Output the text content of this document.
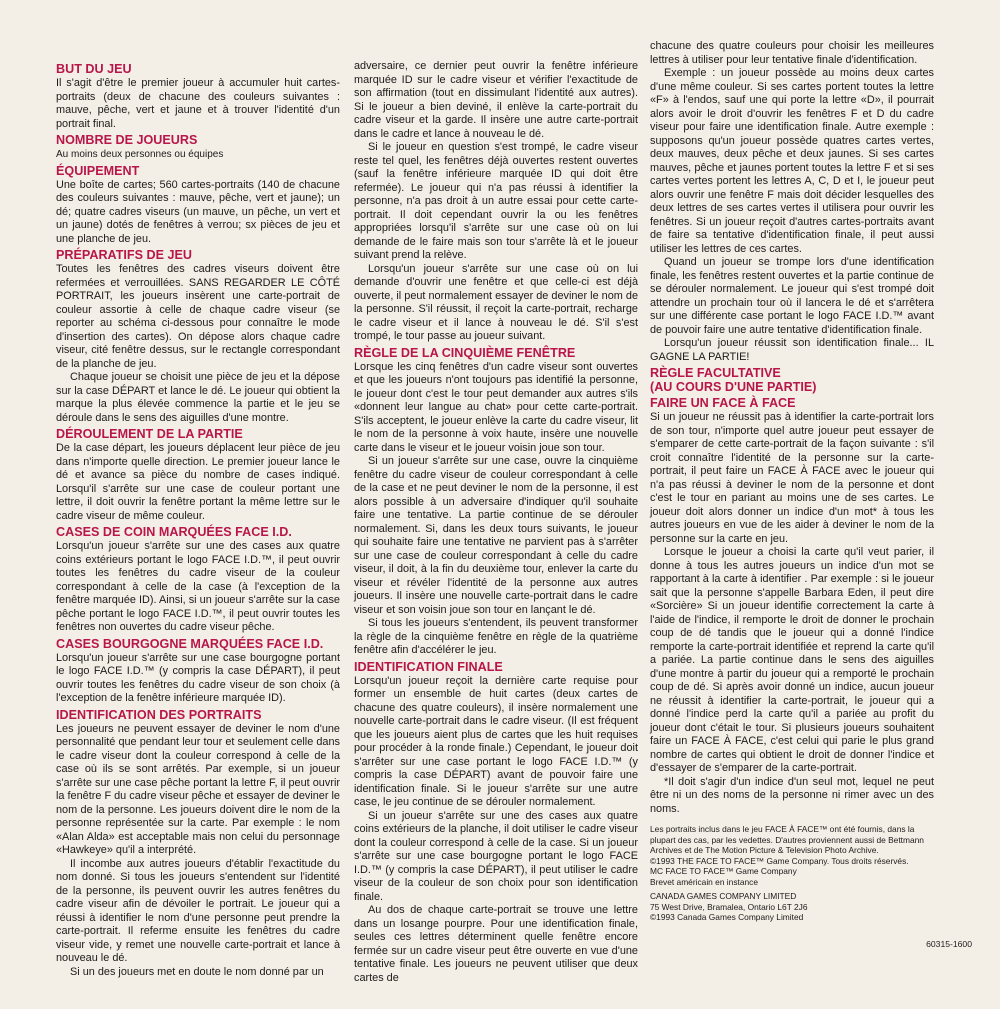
BUT DU JEU

Il s'agit d'être le premier joueur à accumuler huit cartes-portraits (deux de chacune des couleurs suivantes : mauve, pêche, vert et jaune et à trouver l'identité d'un portrait final.

NOMBRE DE JOUEURS

Au moins deux personnes ou équipes

ÉQUIPEMENT

Une boîte de cartes; 560 cartes-portraits (140 de chacune des couleurs suivantes : mauve, pêche, vert et jaune); un dé; quatre cadres viseurs (un mauve, un pêche, un vert et un jaune) dotés de fenêtres à verrou; sx pièces de jeu et une planche de jeu.

PRÉPARATIFS DE JEU

Toutes les fenêtres des cadres viseurs doivent être refermées et verrouillées. SANS REGARDER LE CÔTÉ PORTRAIT, les joueurs insèrent une carte-portrait de couleur assortie à celle de chaque cadre viseur (se reporter au schéma ci-dessous pour connaître le mode d'insertion des cartes). On dépose alors chaque cadre viseur, cité fenêtre dessus, sur le rectangle correspondant de la planche de jeu.

Chaque joueur se choisit une pièce de jeu et la dépose sur la case DÉPART et lance le dé. Le joueur qui obtient la marque la plus élevée commence la partie et le jeu se déroule dans le sens des aiguilles d'une montre.

DÉROULEMENT DE LA PARTIE

De la case départ, les joueurs déplacent leur pièce de jeu dans n'importe quelle direction. Le premier joueur lance le dé et avance sa pièce du nombre de cases indiqué. Lorsqu'il s'arrête sur une case de couleur portant une lettre, il doit ouvrir la fenêtre portant la même lettre sur le cadre viseur de même couleur.

CASES DE COIN MARQUÉES FACE I.D.

Lorsqu'un joueur s'arrête sur une des cases aux quatre coins extérieurs portant le logo FACE I.D.™, il peut ouvrir toutes les fenêtres du cadre viseur de la couleur correspondant à celle de la case (à l'exception de la fenêtre marquée ID). Ainsi, si un joueur s'arrête sur la case pêche portant le logo FACE I.D.™, il peut ouvrir toutes les fenêtres non ouvertes du cadre viseur pêche.

CASES BOURGOGNE MARQUÉES FACE I.D.

Lorsqu'un joueur s'arrête sur une case bourgogne portant le logo FACE I.D.™ (y compris la case DÉPART), il peut ouvrir toutes les fenêtres du cadre viseur de son choix (à l'exception de la fenêtre inférieure marquée ID).

IDENTIFICATION DES PORTRAITS

Les joueurs ne peuvent essayer de deviner le nom d'une personnalité que pendant leur tour et seulement celle dans le cadre viseur dont la couleur correspond à celle de la case où ils se sont arrêtés. Par exemple, si un joueur s'arrête sur une case pêche portant la lettre F, il peut ouvrir la fenêtre F du cadre viseur pêche et essayer de deviner le nom de la personne. Les joueurs doivent dire le nom de la personne représentée sur la carte. Par exemple : le nom «Alan Alda» est acceptable mais non celui du personnage «Hawkeye» qu'il a interprété.

Il incombe aux autres joueurs d'établir l'exactitude du nom donné. Si tous les joueurs s'entendent sur l'identité de la personne, ils peuvent ouvrir les autres fenêtres du cadre viseur afin de dévoiler le portrait. Le joueur qui a réussi à identifier le nom d'une personne peut prendre la carte-portrait. Il referme ensuite les fenêtres du cadre viseur vide, y remet une nouvelle carte-portrait et lance à nouveau le dé.

Si un des joueurs met en doute le nom donné par un

adversaire, ce dernier peut ouvrir la fenêtre inférieure marquée ID sur le cadre viseur et vérifier l'exactitude de son affirmation (tout en dissimulant l'identité aux autres). Si le joueur a bien deviné, il enlève la carte-portrait du cadre viseur et la garde. Il insère une autre carte-portrait dans le cadre et lance à nouveau le dé.

Si le joueur en question s'est trompé, le cadre viseur reste tel quel, les fenêtres déjà ouvertes restent ouvertes (sauf la fenêtre inférieure marquée ID qui doit être refermée). Le joueur qui n'a pas réussi à identifier la personne, n'a pas droit à un autre essai pour cette carte-portrait. Il doit cependant ouvrir la ou les fenêtres appropriées lorsqu'il s'arrête sur une case où on lui demande de le faire mais son tour s'arrête là et le joueur suivant prend la relève.

Lorsqu'un joueur s'arrête sur une case où on lui demande d'ouvrir une fenêtre et que celle-ci est déjà ouverte, il peut normalement essayer de deviner le nom de la personne. S'il réussit, il reçoit la carte-portrait, recharge le cadre viseur et il lance à nouveau le dé. S'il s'est trompé, le tour passe au joueur suivant.

RÈGLE DE LA CINQUIÈME FENÊTRE

Lorsque les cinq fenêtres d'un cadre viseur sont ouvertes et que les joueurs n'ont toujours pas identifié la personne, le joueur dont c'est le tour peut demander aux autres s'ils «donnent leur langue au chat» pour cette carte-portrait. S'ils acceptent, le joueur enlève la carte du cadre viseur, lit le nom de la personne à voix haute, insère une nouvelle carte dans le viseur et le joueur voisin joue son tour.

Si un joueur s'arrête sur une case, ouvre la cinquième fenêtre du cadre viseur de couleur correspondant à celle de la case et ne peut deviner le nom de la personne, il est alors possible à un adversaire d'indiquer qu'il souhaite faire une tentative. La partie continue de se dérouler normalement. Si, dans les deux tours suivants, le joueur qui souhaite faire une tentative ne parvient pas à s'arrêter sur une case de couleur correspondant à celle du cadre viseur, il doit, à la fin du deuxième tour, enlever la carte du viseur et révéler l'identité de la personne aux autres joueurs. Il insère une nouvelle carte-portrait dans le cadre viseur et son voisin joue son tour en lançant le dé.

Si tous les joueurs s'entendent, ils peuvent transformer la règle de la cinquième fenêtre en règle de la quatrième fenêtre afin d'accélérer le jeu.

IDENTIFICATION FINALE

Lorsqu'un joueur reçoit la dernière carte requise pour former un ensemble de huit cartes (deux cartes de chacune des quatre couleurs), il insère normalement une nouvelle carte-portrait dans le cadre viseur. (Il est fréquent que les joueurs aient plus de cartes que les huit requises pour procéder à la ronde finale.) Cependant, le joueur doit s'arrêter sur une case portant le logo FACE I.D.™ (y compris la case DÉPART) avant de pouvoir faire une identification finale. Si le joueur s'arrête sur une autre case, le jeu continue de se dérouler normalement.

Si un joueur s'arrête sur une des cases aux quatre coins extérieurs de la planche, il doit utiliser le cadre viseur dont la couleur correspond à celle de la case. Si un joueur s'arrête sur une case bourgogne portant le logo FACE I.D.™ (y compris la case DÉPART), il peut utiliser le cadre viseur de la couleur de son choix pour son identification finale.

Au dos de chaque carte-portrait se trouve une lettre dans un losange pourpre. Pour une identification finale, seules ces lettres déterminent quelle fenêtre encore fermée sur un cadre viseur peut être ouverte en vue d'une tentative finale. Les joueurs ne peuvent utiliser que deux cartes de

chacune des quatre couleurs pour choisir les meilleures lettres à utiliser pour leur tentative finale d'identification.

Exemple : un joueur possède au moins deux cartes d'une même couleur. Si ses cartes portent toutes la lettre «F» à l'endos, sauf une qui porte la lettre «D», il pourrait alors avoir le droit d'ouvrir les fenêtres F et D du cadre viseur pour faire une identification finale. Autre exemple : supposons qu'un joueur possède quatres cartes vertes, deux mauves, deux pêche et deux jaunes. Si ses cartes mauves, pêche et jaunes portent toutes la lettre F et si ses cartes vertes portent les lettres A, C, D et I, le joueur peut alors ouvrir une fenêtre F mais doit décider lesquelles des deux lettres de ses cartes vertes il utilisera pour ouvrir les fenêtres. Si un joueur reçoit d'autres cartes-portraits avant de faire sa tentative d'identification finale, il peut aussi utiliser les lettres de ces cartes.

Quand un joueur se trompe lors d'une identification finale, les fenêtres restent ouvertes et la partie continue de se dérouler normalement. Le joueur qui s'est trompé doit attendre un prochain tour où il lancera le dé et s'arrêtera sur une différente case portant le logo FACE I.D.™ avant de pouvoir faire une autre tentative d'identification finale.

Lorsqu'un joueur réussit son identification finale... IL GAGNE LA PARTIE!

RÈGLE FACULTATIVE
(AU COURS D'UNE PARTIE)
FAIRE UN FACE À FACE

Si un joueur ne réussit pas à identifier la carte-portrait lors de son tour, n'importe quel autre joueur peut essayer de s'emparer de cette carte-portrait de la façon suivante : s'il croit connaître l'identité de la personne sur la carte-portrait, il peut faire un FACE À FACE avec le joueur qui n'a pas réussi à deviner le nom de la personne et dont c'est le tour en pariant au moins une de ses cartes. Le joueur doit alors donner un indice d'un mot* à tous les autres joueurs en vue de les aider à deviner le nom de la personne sur la carte en jeu.

Lorsque le joueur a choisi la carte qu'il veut parier, il donne à tous les autres joueurs un indice d'un mot se rapportant à la carte à identifier . Par exemple : si le joueur sait que la personne s'appelle Barbara Eden, il peut dire «Sorcière» Si un joueur identifie correctement la carte à l'aide de l'indice, il remporte le droit de donner le prochain coup de dé tandis que le joueur qui a donné l'indice remporte la carte-portrait identifiée et reprend la carte qu'il a pariée. La partie continue dans le sens des aiguilles d'une montre à partir du joueur qui a remporté le prochain coup de dé. Si après avoir donné un indice, aucun joueur ne réussit à identifier la carte-portrait, le joueur qui a donné l'indice perd la carte qu'il a pariée au profit du joueur dont c'était le tour. Si plusieurs joueurs souhaitent faire un FACE À FACE, c'est celui qui parie le plus grand nombre de cartes qui obtient le droit de donner l'indice et d'essayer de s'emparer de la carte-portrait.

*Il doit s'agir d'un indice d'un seul mot, lequel ne peut être ni un des noms de la personne ni rimer avec un des noms.

Les portraits inclus dans le jeu FACE À FACE™ ont été fournis, dans la plupart des cas, par les vedettes. D'autres proviennent aussi de Bettmann Archives et de The Motion Picture & Television Photo Archive.
©1993 THE FACE TO FACE™ Game Company. Tous droits réservés.
MC FACE TO FACE™ Game Company
Brevet américain en instance
CANADA GAMES COMPANY LIMITED
75 West Drive, Bramalea, Ontario L6T 2J6
©1993 Canada Games Company Limited
60315-1600
